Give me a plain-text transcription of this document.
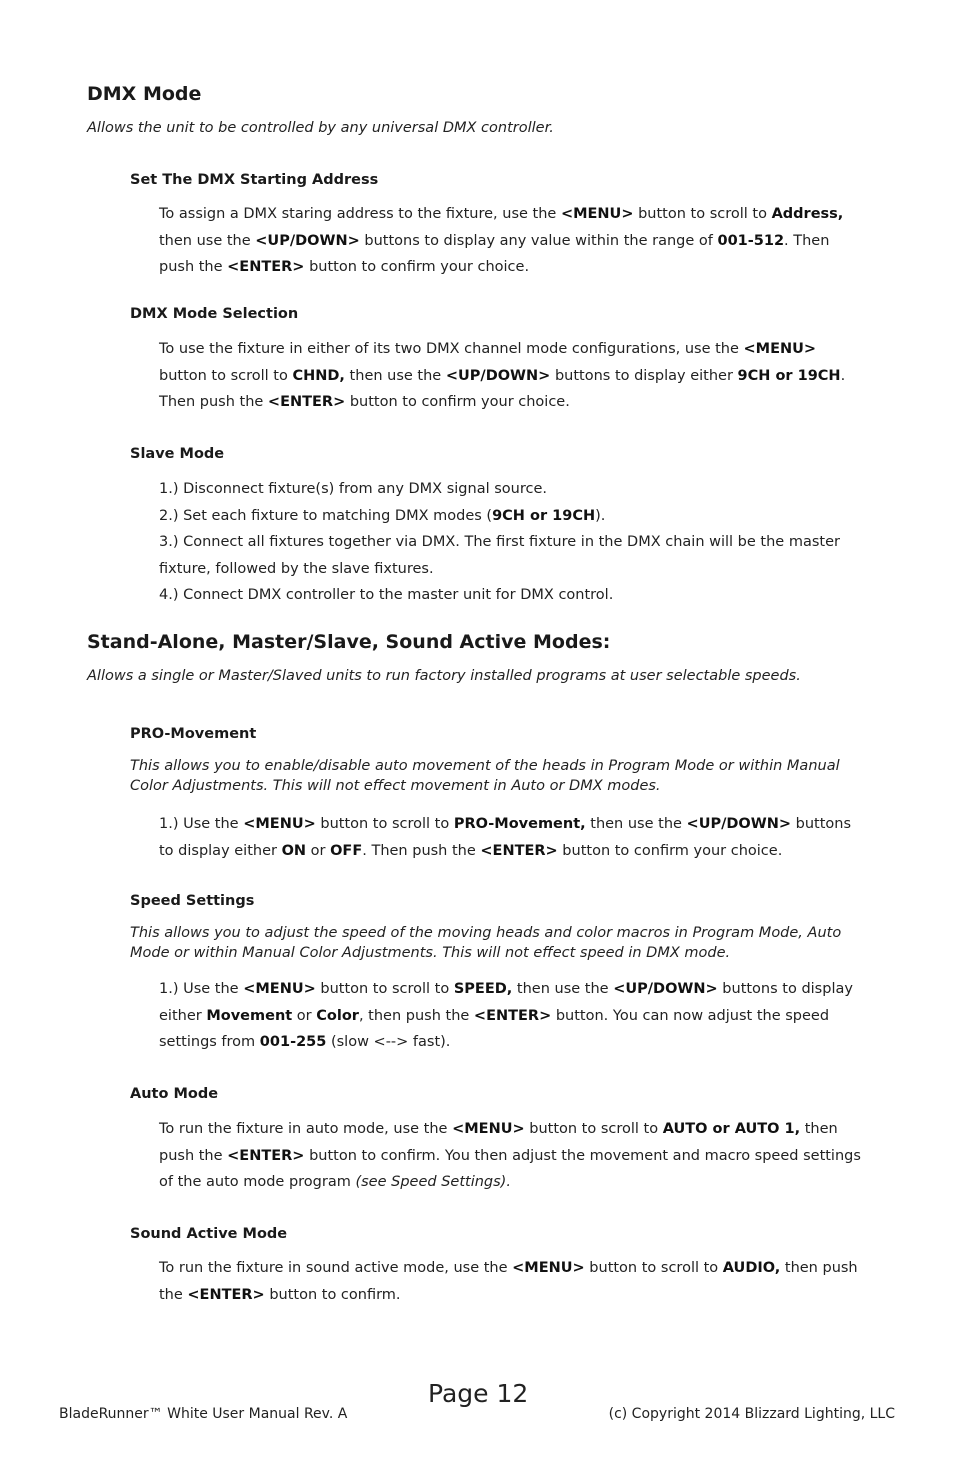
DMX Mode
Allows the unit to be controlled by any universal DMX controller.
Set The DMX Starting Address

To assign a DMX staring address to the fixture, use the <MENU> button to scroll to Address,

then use the <UP/DOWN> buttons to display any value within the range of 001-512. Then

push the <ENTER> button to confirm your choice.

DMX Mode Selection

To use the fixture in either of its two DMX channel mode configurations, use the <MENU>

button to scroll to CHND, then use the <UP/DOWN> buttons to display either 9CH or 19CH.

Then push the <ENTER> button to confirm your choice.

Slave Mode

1.) Disconnect fixture(s) from any DMX signal source.

2.) Set each fixture to matching DMX modes (9CH or 19CH).

3.) Connect all fixtures together via DMX. The first fixture in the DMX chain will be the master

fixture, followed by the slave fixtures.

4.) Connect DMX controller to the master unit for DMX control.

Stand-Alone, Master/Slave, Sound Active Modes:
Allows a single or Master/Slaved units to run factory installed programs at user selectable speeds.
PRO-Movement

This allows you to enable/disable auto movement of the heads in Program Mode or within Manual

Color Adjustments. This will not effect movement in Auto or DMX modes.

1.) Use the <MENU> button to scroll to PRO-Movement, then use the <UP/DOWN> buttons

to display either ON or OFF. Then push the <ENTER> button to confirm your choice.

Speed Settings

This allows you to adjust the speed of the moving heads and color macros in Program Mode, Auto

Mode or within Manual Color Adjustments. This will not effect speed in DMX mode.

1.) Use the <MENU> button to scroll to SPEED, then use the <UP/DOWN> buttons to display

either Movement or Color, then push the <ENTER> button. You can now adjust the speed

settings from 001-255 (slow <--> fast).

Auto Mode

To run the fixture in auto mode, use the <MENU> button to scroll to AUTO or AUTO 1, then

push the <ENTER> button to confirm. You then adjust the movement and macro speed settings

of the auto mode program (see Speed Settings).

Sound Active Mode

To run the fixture in sound active mode, use the <MENU> button to scroll to AUDIO, then push

the <ENTER> button to confirm.

Page 12
BladeRunner™ White User Manual Rev. A	(c) Copyright 2014 Blizzard Lighting, LLC
